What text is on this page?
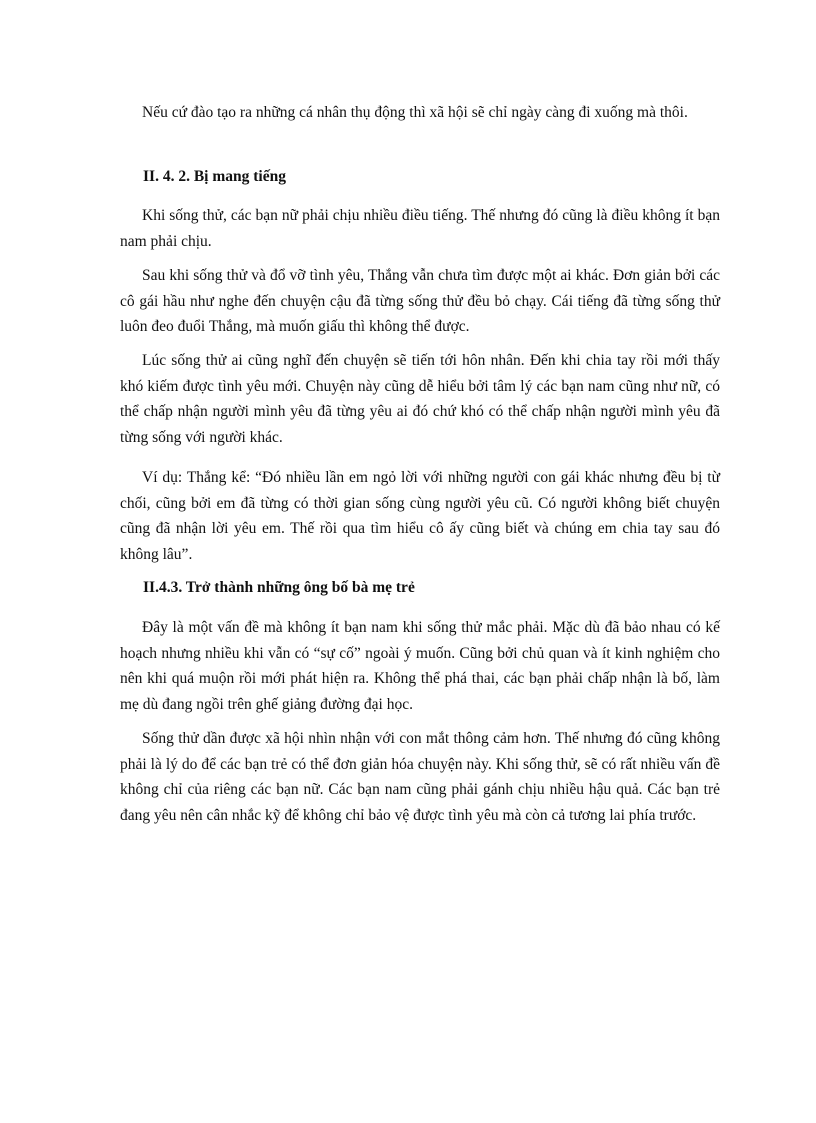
Nếu cứ đào tạo ra những cá nhân thụ động thì xã hội sẽ chỉ ngày càng đi xuống mà thôi.

II. 4. 2. Bị mang tiếng

Khi sống thử, các bạn nữ phải chịu nhiều điều tiếng. Thế nhưng đó cũng là điều không ít bạn nam phải chịu.

Sau khi sống thử và đổ vỡ tình yêu, Thắng vẫn chưa tìm được một ai khác. Đơn giản bởi các cô gái hầu như nghe đến chuyện cậu đã từng sống thử đều bỏ chạy. Cái tiếng đã từng sống thử luôn đeo đuổi Thắng, mà muốn giấu thì không thể được.

Lúc sống thử ai cũng nghĩ đến chuyện sẽ tiến tới hôn nhân. Đến khi chia tay rồi mới thấy khó kiếm được tình yêu mới. Chuyện này cũng dễ hiểu bởi tâm lý các bạn nam cũng như nữ, có thể chấp nhận người mình yêu đã từng yêu ai đó chứ khó có thể chấp nhận người mình yêu đã từng sống với người khác.

Ví dụ: Thắng kể: “Đó nhiều lần em ngỏ lời với những người con gái khác nhưng đều bị từ chối, cũng bởi em đã từng có thời gian sống cùng người yêu cũ. Có người không biết chuyện cũng đã nhận lời yêu em. Thế rồi qua tìm hiểu cô ấy cũng biết và chúng em chia tay sau đó không lâu”.

II.4.3. Trở thành những ông bố bà mẹ trẻ

Đây là một vấn đề mà không ít bạn nam khi sống thử mắc phải. Mặc dù đã bảo nhau có kế hoạch nhưng nhiều khi vẫn có “sự cố” ngoài ý muốn. Cũng bởi chủ quan và ít kinh nghiệm cho nên khi quá muộn rồi mới phát hiện ra. Không thể phá thai, các bạn phải chấp nhận là bố, làm mẹ dù đang ngồi trên ghế giảng đường đại học.

Sống thử dần được xã hội nhìn nhận với con mắt thông cảm hơn. Thế nhưng đó cũng không phải là lý do để các bạn trẻ có thể đơn giản hóa chuyện này. Khi sống thử, sẽ có rất nhiều vấn đề không chỉ của riêng các bạn nữ. Các bạn nam cũng phải gánh chịu nhiều hậu quả. Các bạn trẻ đang yêu nên cân nhắc kỹ để không chỉ bảo vệ được tình yêu mà còn cả tương lai phía trước.
